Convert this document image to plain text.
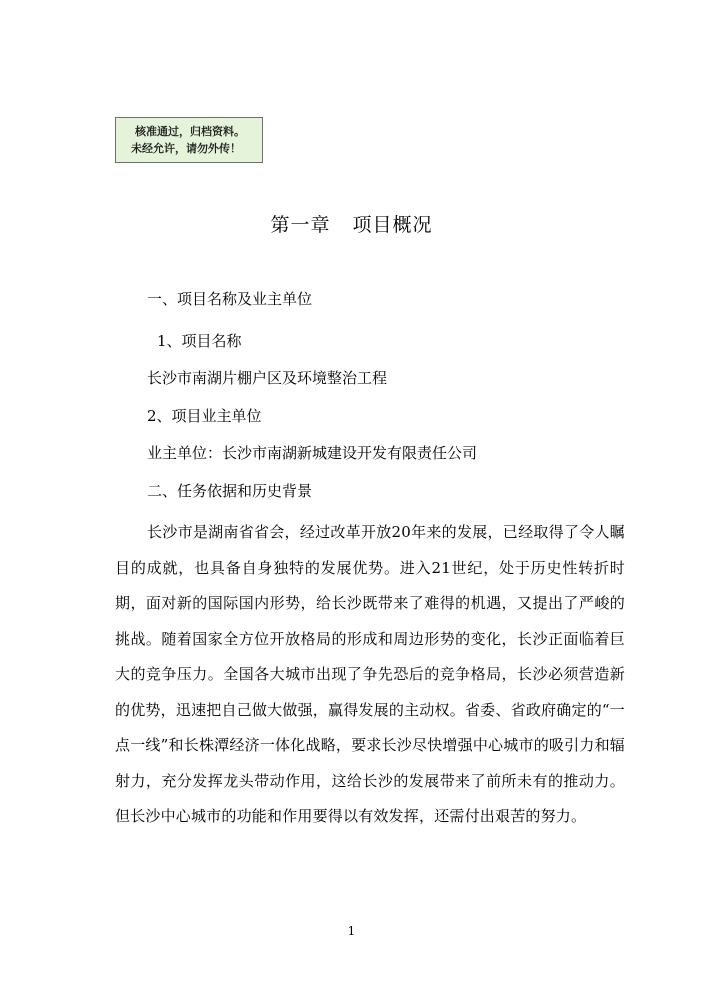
核准通过，归档资料。
未经允许，请勿外传！
第一章 项目概况
一、项目名称及业主单位
1、项目名称
长沙市南湖片棚户区及环境整治工程
2、项目业主单位
业主单位：长沙市南湖新城建设开发有限责任公司
二、任务依据和历史背景
长沙市是湖南省省会，经过改革开放20年来的发展，已经取得了令人瞩目的成就，也具备自身独特的发展优势。进入21世纪，处于历史性转折时期，面对新的国际国内形势，给长沙既带来了难得的机遇，又提出了严峻的挑战。随着国家全方位开放格局的形成和周边形势的变化，长沙正面临着巨大的竞争压力。全国各大城市出现了争先恐后的竞争格局，长沙必须营造新的优势，迅速把自己做大做强，赢得发展的主动权。省委、省政府确定的“一点一线”和长株潭经济一体化战略，要求长沙尽快增强中心城市的吸引力和辐射力，充分发挥龙头带动作用，这给长沙的发展带来了前所未有的推动力。但长沙中心城市的功能和作用要得以有效发挥，还需付出艰苦的努力。
1
